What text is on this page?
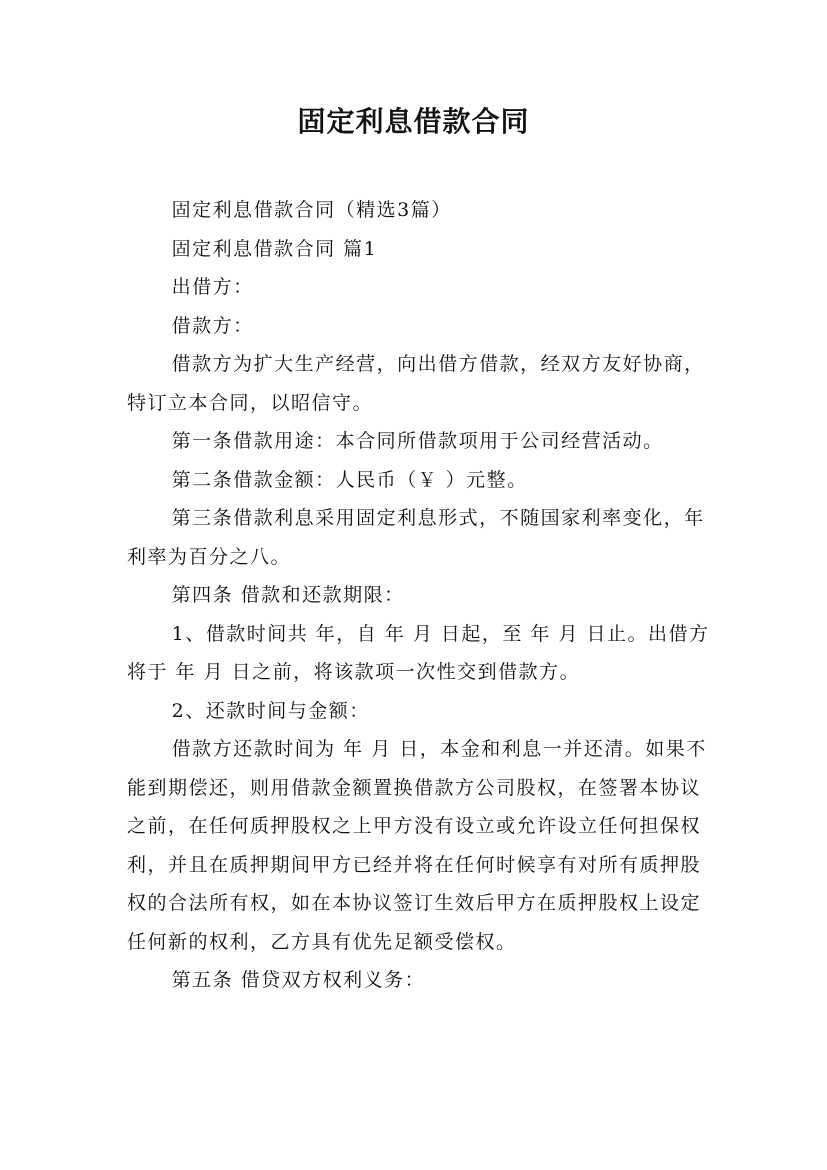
固定利息借款合同

固定利息借款合同（精选3篇）

固定利息借款合同 篇1

出借方：

借款方：

借款方为扩大生产经营，向出借方借款，经双方友好协商，特订立本合同，以昭信守。

第一条借款用途：本合同所借款项用于公司经营活动。

第二条借款金额：人民币（￥ ）元整。

第三条借款利息采用固定利息形式，不随国家利率变化，年利率为百分之八。

第四条 借款和还款期限：

1、借款时间共 年，自 年 月 日起，至 年 月 日止。出借方将于 年 月 日之前，将该款项一次性交到借款方。

2、还款时间与金额：

借款方还款时间为 年 月 日，本金和利息一并还清。如果不能到期偿还，则用借款金额置换借款方公司股权，在签署本协议之前，在任何质押股权之上甲方没有设立或允许设立任何担保权利，并且在质押期间甲方已经并将在任何时候享有对所有质押股权的合法所有权，如在本协议签订生效后甲方在质押股权上设定任何新的权利，乙方具有优先足额受偿权。

第五条 借贷双方权利义务：
